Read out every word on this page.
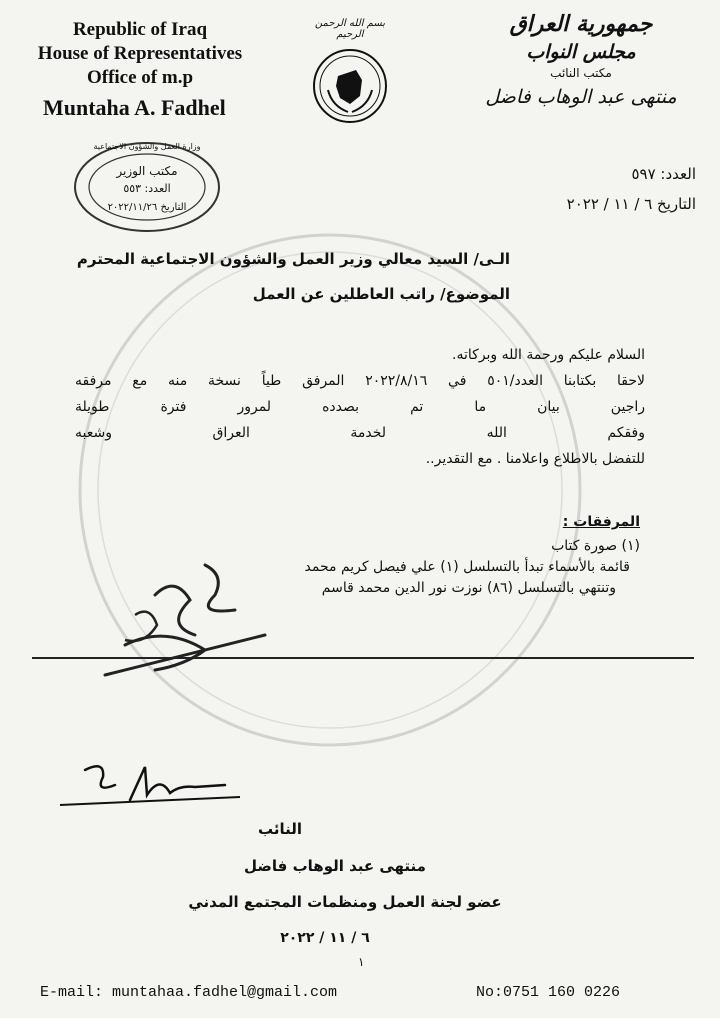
Republic of Iraq
House of Representatives
Office of m.p
Muntaha A. Fadhel
بسم الله الرحمن الرحيم	جمهورية العراق
مجلس النواب
مكتب النائب
منتهى عبد الوهاب فاضل
وزارة العمل والشؤون الاجتماعية
مكتب الوزير
العدد: ٥٥٣
التاريخ ٢٠٢٢/١١/٢٦
العدد: ٥٩٧
التاريخ ٦ / ١١ / ٢٠٢٢
الـى/ السيد معالي وزير العمل والشؤون الاجتماعية المحترم
الموضوع/ راتب العاطلين عن العمل

السلام عليكم ورحمة الله وبركاته.

لاحقا بكتابنا العدد/٥٠١ في ٢٠٢٢/٨/١٦ المرفق طياً نسخة منه مع مرفقه

راجين بيان ما تم بصدده لمرور فترة طويلة

وفقكم الله لخدمة العراق وشعبه

للتفضل بالاطلاع واعلامنا . مع التقدير..

المرفقات :
(١) صورة كتاب
قائمة بالأسماء تبدأ بالتسلسل (١) علي فيصل كريم محمد
وتنتهي بالتسلسل (٨٦) نوزت نور الدين محمد قاسم
النائب
منتهى عبد الوهاب فاضل
عضو لجنة العمل ومنظمات المجتمع المدني
٦ / ١١ / ٢٠٢٢
١
E-mail: muntahaa.fadhel@gmail.com	No:0751 160 0226
